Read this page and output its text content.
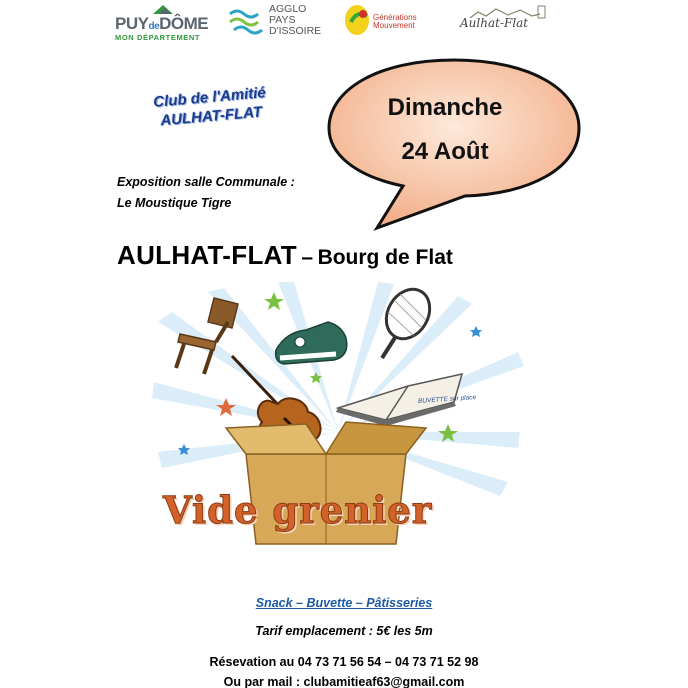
PUYdeDÔME
MON DÉPARTEMENT
AGGLO
PAYS
D'ISSOIRE
Générations
Mouvement	Aulhat-Flat
Club de l'Amitié
AULHAT-FLAT	Dimanche
24 Août
Exposition salle Communale :
Le Moustique Tigre
AULHAT-FLAT – Bourg de Flat
BUVETTE sur place
Vide grenier
Snack – Buvette – Pâtisseries
Tarif emplacement : 5€ les 5m
Résevation au 04 73 71 56 54 – 04 73 71 52 98
Ou par mail : clubamitieaf63@gmail.com
